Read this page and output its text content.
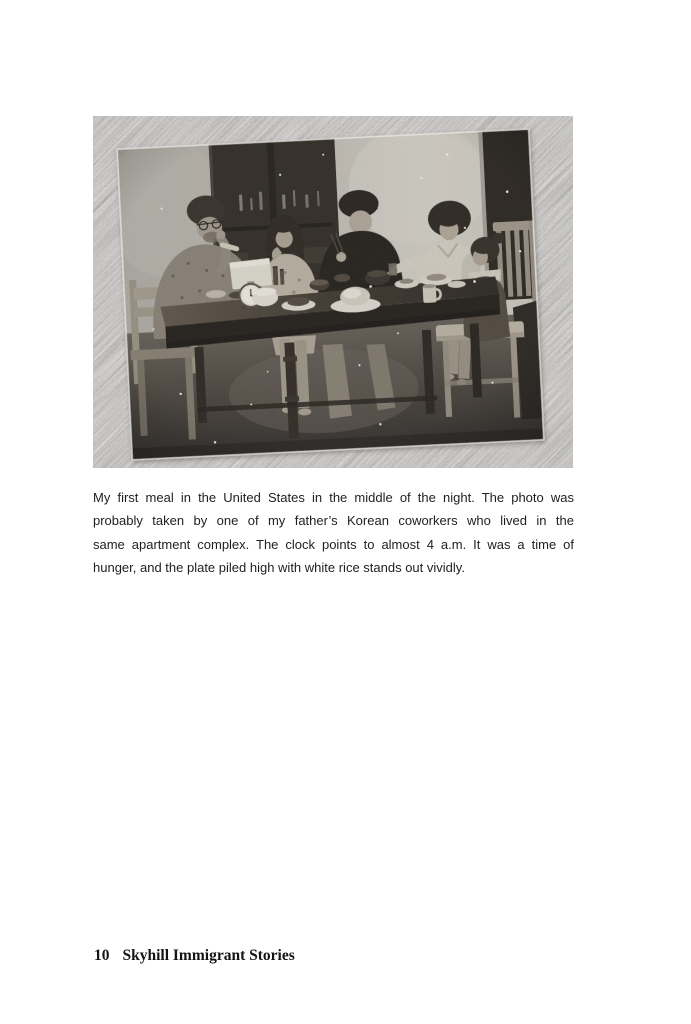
My first meal in the United States in the middle of the night. The photo was
probably taken by one of my father’s Korean coworkers who lived in the
same apartment complex. The clock points to almost 4 a.m. It was a time of
hunger, and the plate piled high with white rice stands out vividly.
10 Skyhill Immigrant Stories
